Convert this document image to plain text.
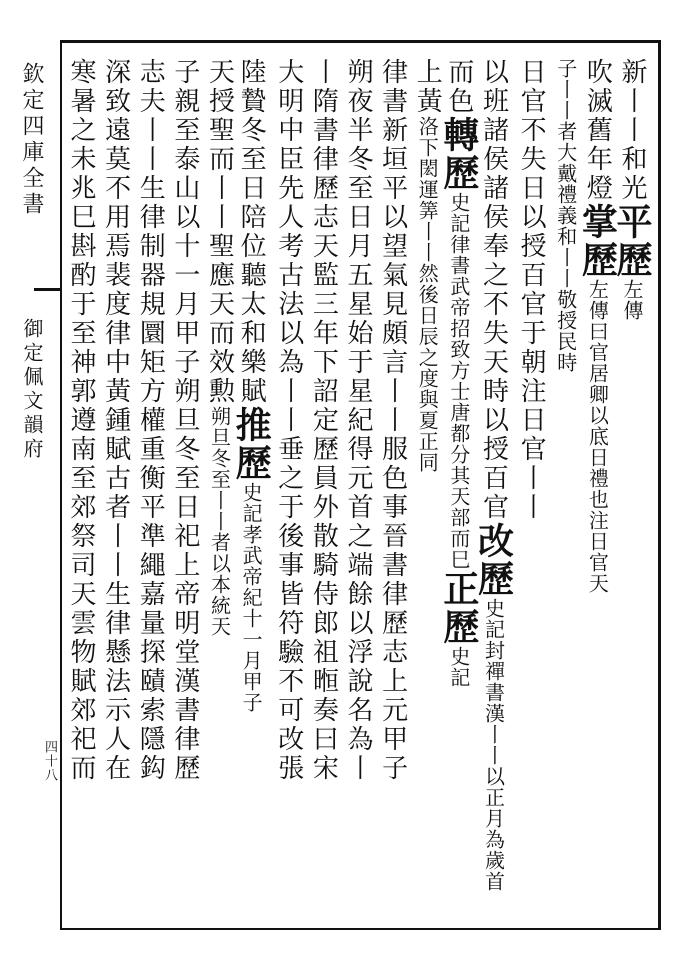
欽定四庫全書
御定佩文韻府
四十八
新丨丨和光平歷左傳
吹滅舊年燈掌歷左傳曰官居卿以底日禮也注日官天
子丨丨者大戴禮義和丨丨敬授民時
日官不失日以授百官于朝注日官丨丨
以班諸侯諸侯奉之不失天時以授百官改歷史記封禪書漢丨丨以正月為歲首
而色轉歷史記律書武帝招致方士唐都分其天部而巳正歷史記
上黃洛下閎運筭丨丨然後日辰之度與夏正同
律書新垣平以望氣見頗言丨丨服色事晉書律歷志上元甲子
朔夜半冬至日月五星始于星紀得元首之端餘以浮說名為丨
丨隋書律歷志天監三年下詔定歷員外散騎侍郎祖暅奏曰宋
大明中臣先人考古法以為丨丨垂之于後事皆符驗不可改張
陸贄冬至日陪位聽太和樂賦推歷史記孝武帝紀十一月甲子
天授聖而丨丨聖應天而效勲朔旦冬至丨丨者以本統天
子親至泰山以十一月甲子朔旦冬至日祀上帝明堂漢書律歷
志夫丨丨生律制器規圜矩方權重衡平準繩嘉量探賾索隱鈎
深致遠莫不用焉裴度律中黃鍾賦古者丨丨生律懸法示人在
寒暑之未兆巳斟酌于至神郭遵南至郊祭司天雲物賦郊祀而
